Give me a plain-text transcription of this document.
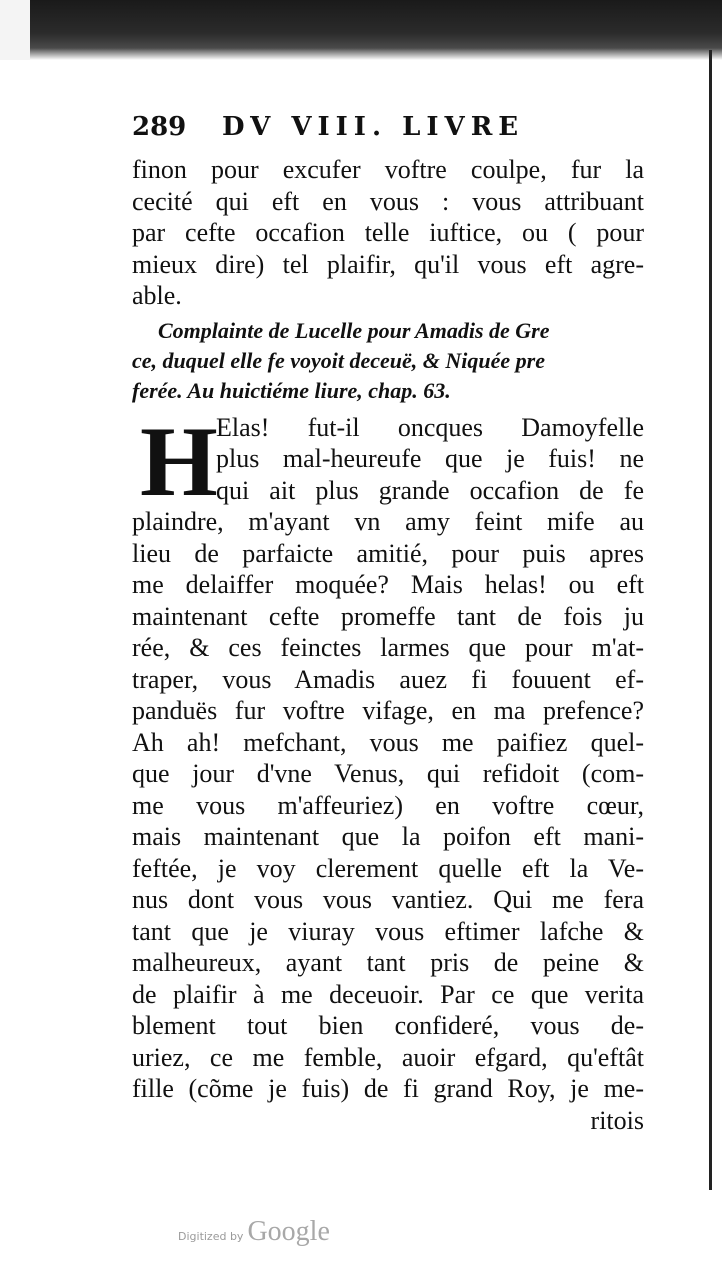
289	DV VIII. LIVRE
finon pour excufer voftre coulpe, fur la
cecité qui eft en vous : vous attribuant
par cefte occafion telle iuftice, ou ( pour
mieux dire) tel plaifir, qu'il vous eft agre-
able.
Complainte de Lucelle pour Amadis de Gre
ce, duquel elle fe voyoit deceuë, & Niquée pre
ferée. Au huictiéme liure, chap. 63.
H
Elas! fut-il oncques Damoyfelle
plus mal-heureufe que je fuis! ne
qui ait plus grande occafion de fe
plaindre, m'ayant vn amy feint mife au
lieu de parfaicte amitié, pour puis apres
me delaiffer moquée? Mais helas! ou eft
maintenant cefte promeffe tant de fois ju
rée, & ces feinctes larmes que pour m'at-
traper, vous Amadis auez fi fouuent ef-
panduës fur voftre vifage, en ma prefence?
Ah ah! mefchant, vous me paifiez quel-
que jour d'vne Venus, qui refidoit (com-
me vous m'affeuriez) en voftre cœur,
mais maintenant que la poifon eft mani-
feftée, je voy clerement quelle eft la Ve-
nus dont vous vous vantiez. Qui me fera
tant que je viuray vous eftimer lafche &
malheureux, ayant tant pris de peine &
de plaifir à me deceuoir. Par ce que verita
blement tout bien confideré, vous de-
uriez, ce me femble, auoir efgard, qu'eftât
fille (cõme je fuis) de fi grand Roy, je me-
ritois
Digitized by Google
